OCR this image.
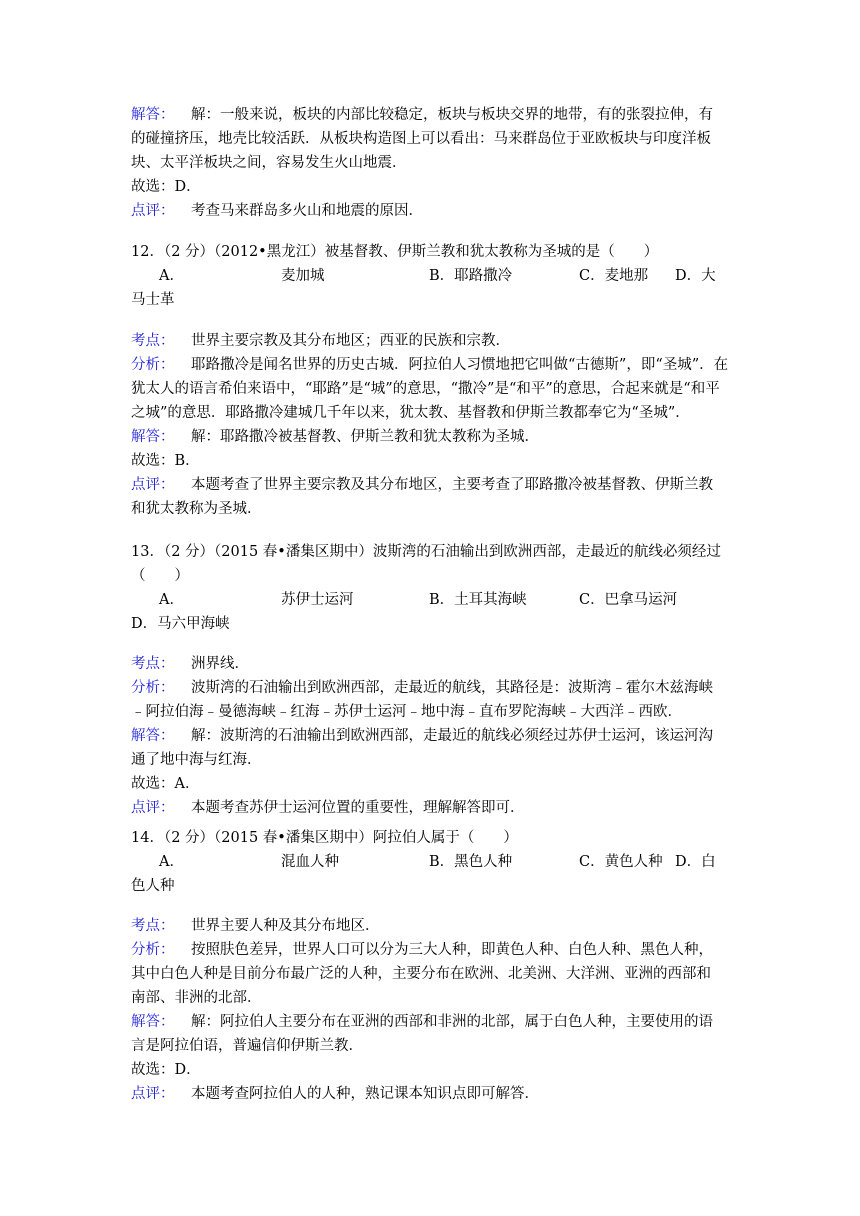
解答： 解：一般来说，板块的内部比较稳定，板块与板块交界的地带，有的张裂拉伸，有
的碰撞挤压，地壳比较活跃．从板块构造图上可以看出：马来群岛位于亚欧板块与印度洋板
块、太平洋板块之间，容易发生火山地震．
故选：D．
点评： 考查马来群岛多火山和地震的原因．
12．（2 分）（2012•黑龙江）被基督教、伊斯兰教和犹太教称为圣城的是（　　）
A．	麦加城	B．耶路撒冷	C．麦地那 D．大
马士革
考点： 世界主要宗教及其分布地区；西亚的民族和宗教．
分析： 耶路撒冷是闻名世界的历史古城．阿拉伯人习惯地把它叫做“古德斯”，即“圣城”．在
犹太人的语言希伯来语中，“耶路”是“城”的意思，“撒冷”是“和平”的意思，合起来就是“和平
之城”的意思．耶路撒冷建城几千年以来，犹太教、基督教和伊斯兰教都奉它为“圣城”．
解答： 解：耶路撒冷被基督教、伊斯兰教和犹太教称为圣城．
故选：B．
点评： 本题考查了世界主要宗教及其分布地区，主要考查了耶路撒冷被基督教、伊斯兰教
和犹太教称为圣城．
13．（2 分）（2015 春•潘集区期中）波斯湾的石油输出到欧洲西部，走最近的航线必须经过
（　　）
A．	苏伊士运河	B．土耳其海峡	C．巴拿马运河
D．马六甲海峡
考点： 洲界线．
分析： 波斯湾的石油输出到欧洲西部，走最近的航线，其路径是：波斯湾﹣霍尔木兹海峡
﹣阿拉伯海﹣曼德海峡﹣红海﹣苏伊士运河﹣地中海﹣直布罗陀海峡﹣大西洋﹣西欧．
解答： 解：波斯湾的石油输出到欧洲西部，走最近的航线必须经过苏伊士运河，该运河沟
通了地中海与红海．
故选：A．
点评： 本题考查苏伊士运河位置的重要性，理解解答即可．
14．（2 分）（2015 春•潘集区期中）阿拉伯人属于（　　）
A．	混血人种	B．黑色人种	C．黄色人种 D．白
色人种
考点： 世界主要人种及其分布地区．
分析： 按照肤色差异，世界人口可以分为三大人种，即黄色人种、白色人种、黑色人种，
其中白色人种是目前分布最广泛的人种，主要分布在欧洲、北美洲、大洋洲、亚洲的西部和
南部、非洲的北部．
解答： 解：阿拉伯人主要分布在亚洲的西部和非洲的北部，属于白色人种，主要使用的语
言是阿拉伯语，普遍信仰伊斯兰教．
故选：D．
点评： 本题考查阿拉伯人的人种，熟记课本知识点即可解答．
